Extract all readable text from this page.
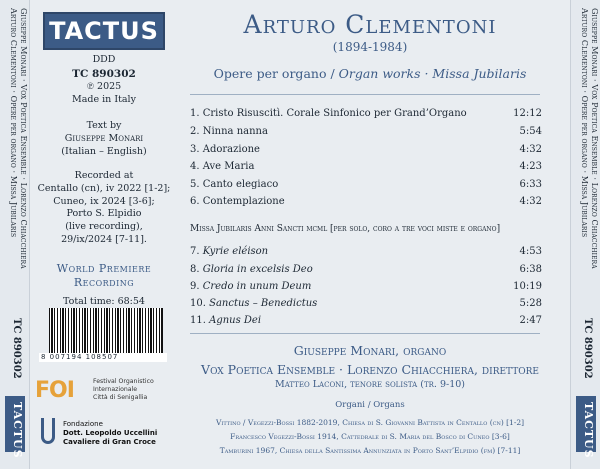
Arturo Clementoni · Opere per organo · Missa Jubilaris Giuseppe Monari · Vox Poetica Ensemble · Lorenzo Chiacchiera
TC 890302
TACTUS
Arturo Clementoni · Opere per organo · Missa Jubilaris Giuseppe Monari · Vox Poetica Ensemble · Lorenzo Chiacchiera
TC 890302
TACTUS
TACTUS
DDD
TC 890302
℗ 2025
Made in Italy
Text by
Giuseppe Monari
(Italian – English)
Recorded at
Centallo (cn), iv 2022 [1-2];
Cuneo, ix 2024 [3-6];
Porto S. Elpidio
(live recording),
29/ix/2024 [7-11].
World Premiere
Recording
Total time: 68:54
8 007194 108507
FOI	Festival Organistico
Internazionale
Città di Senigallia
Fondazione
Dott. Leopoldo Uccellini
Cavaliere di Gran Croce
Arturo Clementoni
(1894-1984)
Opere per organo / Organ works · Missa Jubilaris
1. Cristo Risuscitì. Corale Sinfonico per Grand’Organo	12:12
2. Ninna nanna	5:54
3. Adorazione	4:32
4. Ave Maria	4:23
5. Canto elegiaco	6:33
6. Contemplazione	4:32
Missa Jubilaris Anni Sancti mcml [per solo, coro a tre voci miste e organo]
7. Kyrie eléison	4:53
8. Gloria in excelsis Deo	6:38
9. Credo in unum Deum	10:19
10. Sanctus – Benedictus	5:28
11. Agnus Dei	2:47
Giuseppe Monari, organo
Vox Poetica Ensemble · Lorenzo Chiacchiera, direttore
Matteo Laconi, tenore solista (tr. 9-10)
Organi / Organs
Vittino / Vegezzi-Bossi 1882-2019, Chiesa di S. Giovanni Battista in Centallo (cn) [1-2]
Francesco Vegezzi-Bossi 1914, Cattedrale di S. Maria del Bosco di Cuneo [3-6]
Tamburini 1967, Chiesa della Santissima Annunziata in Porto Sant’Elpidio (fm) [7-11]
